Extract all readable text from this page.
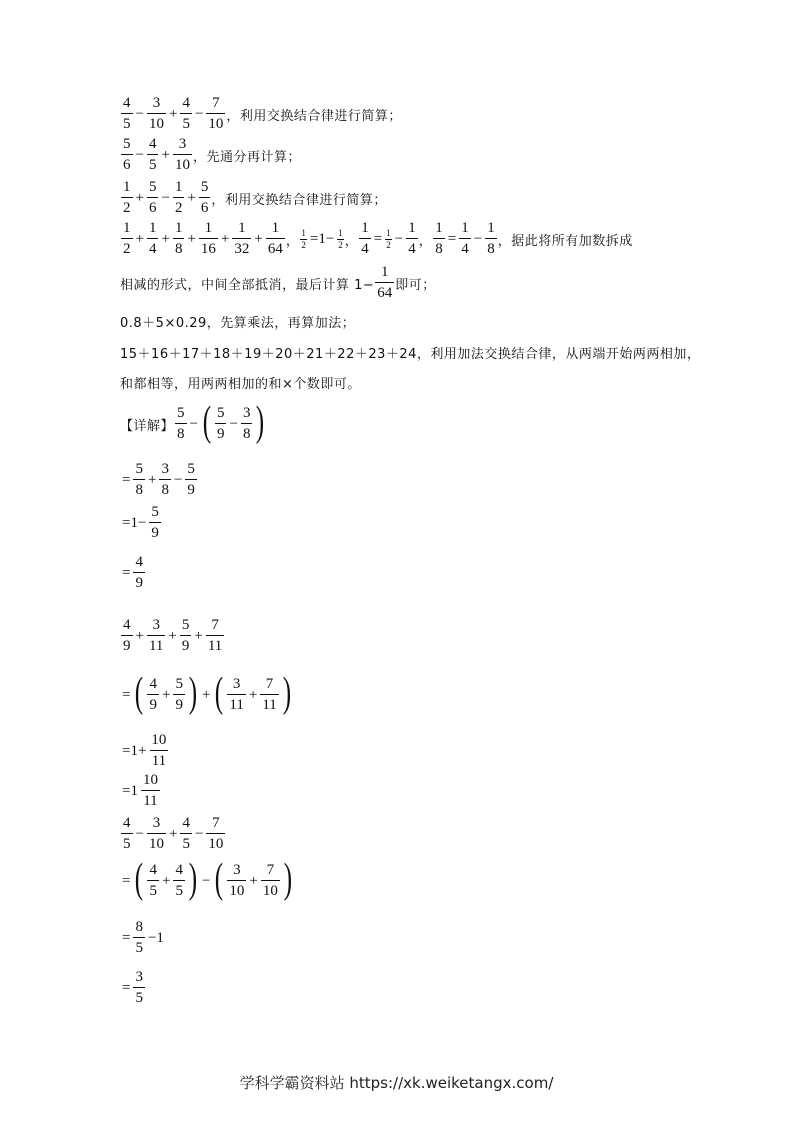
$\frac{4}{5} - \frac{3}{10} + \frac{4}{5} - \frac{7}{10}$ ，利用交换结合律进行简算；
$\frac{5}{6} - \frac{4}{5} + \frac{3}{10}$ ，先通分再计算；
$\frac{1}{2} + \frac{5}{6} - \frac{1}{2} + \frac{5}{6}$ ，利用交换结合律进行简算；
$\frac{1}{2} + \frac{1}{4} + \frac{1}{8} + \frac{1}{16} + \frac{1}{32} + \frac{1}{64}$ ， $\frac{1}{2} =1- \frac{1}{2}$ ， $\frac{1}{4} = \frac{1}{2} - \frac{1}{4}$ ， $\frac{1}{8} = \frac{1}{4} - \frac{1}{8}$ ，据此将所有加数拆成
相减的形式，中间全部抵消，最后计算 $1- \frac{1}{64}$ 即可；
0.8＋5×0.29，先算乘法，再算加法；
15＋16＋17＋18＋19＋20＋21＋22＋23＋24，利用加法交换结合律，从两端开始两两相加，
和都相等，用两两相加的和×个数即可。
【详解】 $\frac{5}{8}$ − ( $\frac{5}{9} - \frac{3}{8}$ )
= $\frac{5}{8} + \frac{3}{8} - \frac{5}{9}$
$=1- \frac{5}{9}$
= $\frac{4}{9}$
$\frac{4}{9} + \frac{3}{11} + \frac{5}{9} + \frac{7}{11}$
= ( $\frac{4}{9} + \frac{5}{9}$ ) + ( $\frac{3}{11} + \frac{7}{11}$ )
$=1+ \frac{10}{11}$
$=1 \frac{10}{11}$
$\frac{4}{5} - \frac{3}{10} + \frac{4}{5} - \frac{7}{10}$
= ( $\frac{4}{5} + \frac{4}{5}$ ) − ( $\frac{3}{10} + \frac{7}{10}$ )
= $\frac{8}{5} -1$
= $\frac{3}{5}$
学科学霸资料站 https://xk.weiketangx.com/
